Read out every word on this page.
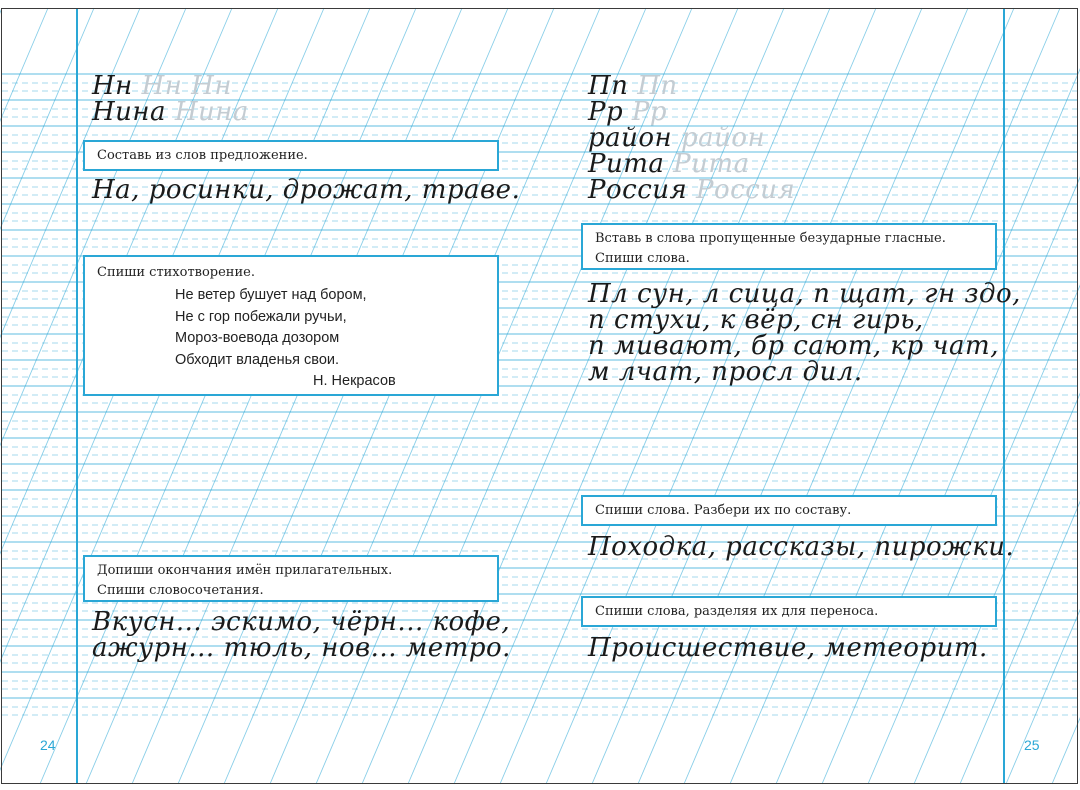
Нн Нн Нн
Нина Нина
Составь из слов предложение.
На, росинки, дрожат, траве.
Спиши стихотворение.
Не ветер бушует над бором,
Не с гор побежали ручьи,
Мороз-воевода дозором
Обходит владенья свои.
Н. Некрасов
Допиши окончания имён прилагательных.
Спиши словосочетания.
Вкусн... эскимо, чёрн... кофе,
ажурн... тюль, нов... метро.
24
Пп Пп
Рр Рр
район район
Рита Рита
Россия Россия
Вставь в слова пропущенные безударные гласные.
Спиши слова.
Пл сун, л сица, п щат, гн здо,
п стухи, к вёр, сн гирь,
п мивают, бр сают, кр чат,
м лчат, просл дил.
Спиши слова. Разбери их по составу.
Походка, рассказы, пирожки.
Спиши слова, разделяя их для переноса.
Происшествие, метеорит.
25
